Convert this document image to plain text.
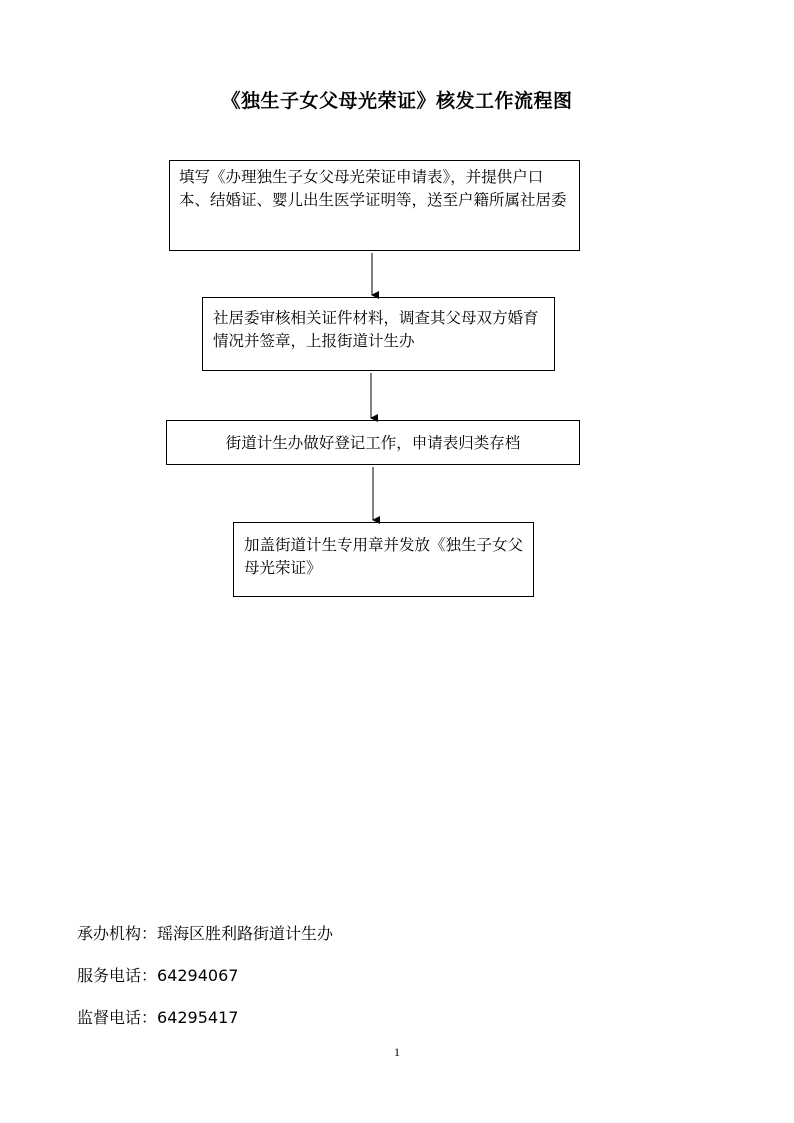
《独生子女父母光荣证》核发工作流程图
填写《办理独生子女父母光荣证申请表》，并提供户口本、结婚证、婴儿出生医学证明等，送至户籍所属社居委
社居委审核相关证件材料，调查其父母双方婚育情况并签章，上报街道计生办
街道计生办做好登记工作，申请表归类存档
加盖街道计生专用章并发放《独生子女父母光荣证》
承办机构：瑶海区胜利路街道计生办
服务电话：64294067
监督电话：64295417
1
